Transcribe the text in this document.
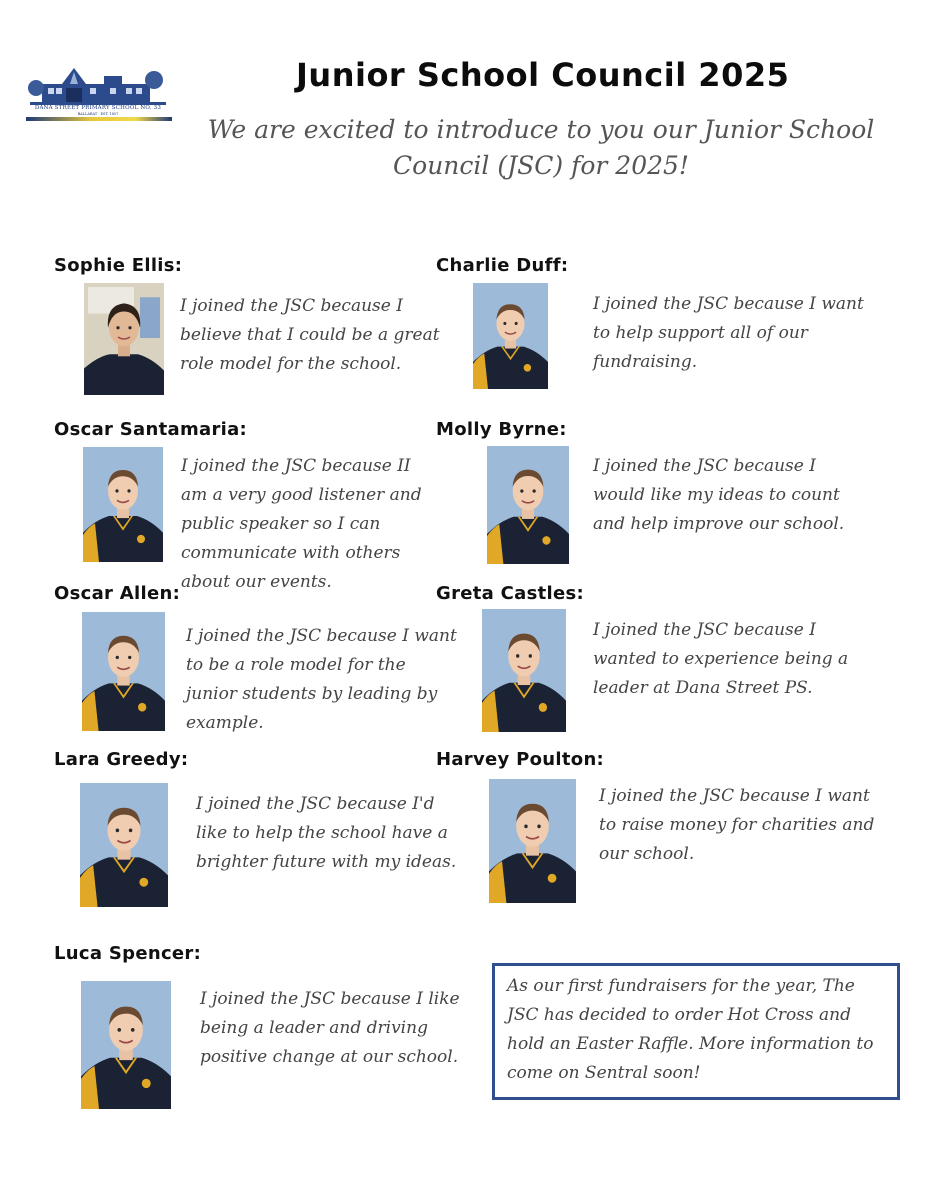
DANA STREET PRIMARY SCHOOL NO. 33
BALLARAT · EST. 1857
Junior School Council 2025

We are excited to introduce to you our Junior School Council (JSC) for 2025!

Sophie Ellis:

I joined the JSC because I believe that I could be a great role model for the school.

Charlie Duff:

I joined the JSC because I want to help support all of our fundraising.

Oscar Santamaria:

I joined the JSC because II am a very good listener and public speaker so I can communicate with others about our events.

Molly Byrne:

I joined the JSC because I would like my ideas to count and help improve our school.

Oscar Allen:

I joined the JSC because I want to be a role model for the junior students by leading by example.

Greta Castles:

I joined the JSC because I wanted to experience being a leader at Dana Street PS.

Lara Greedy:

I joined the JSC because I'd like to help the school have a brighter future with my ideas.

Harvey Poulton:

I joined the JSC because I want to raise money for charities and our school.

Luca Spencer:

I joined the JSC because I like being a leader and driving positive change at our school.

As our first fundraisers for the year, The JSC has decided to order Hot Cross and hold an Easter Raffle. More information to come on Sentral soon!
